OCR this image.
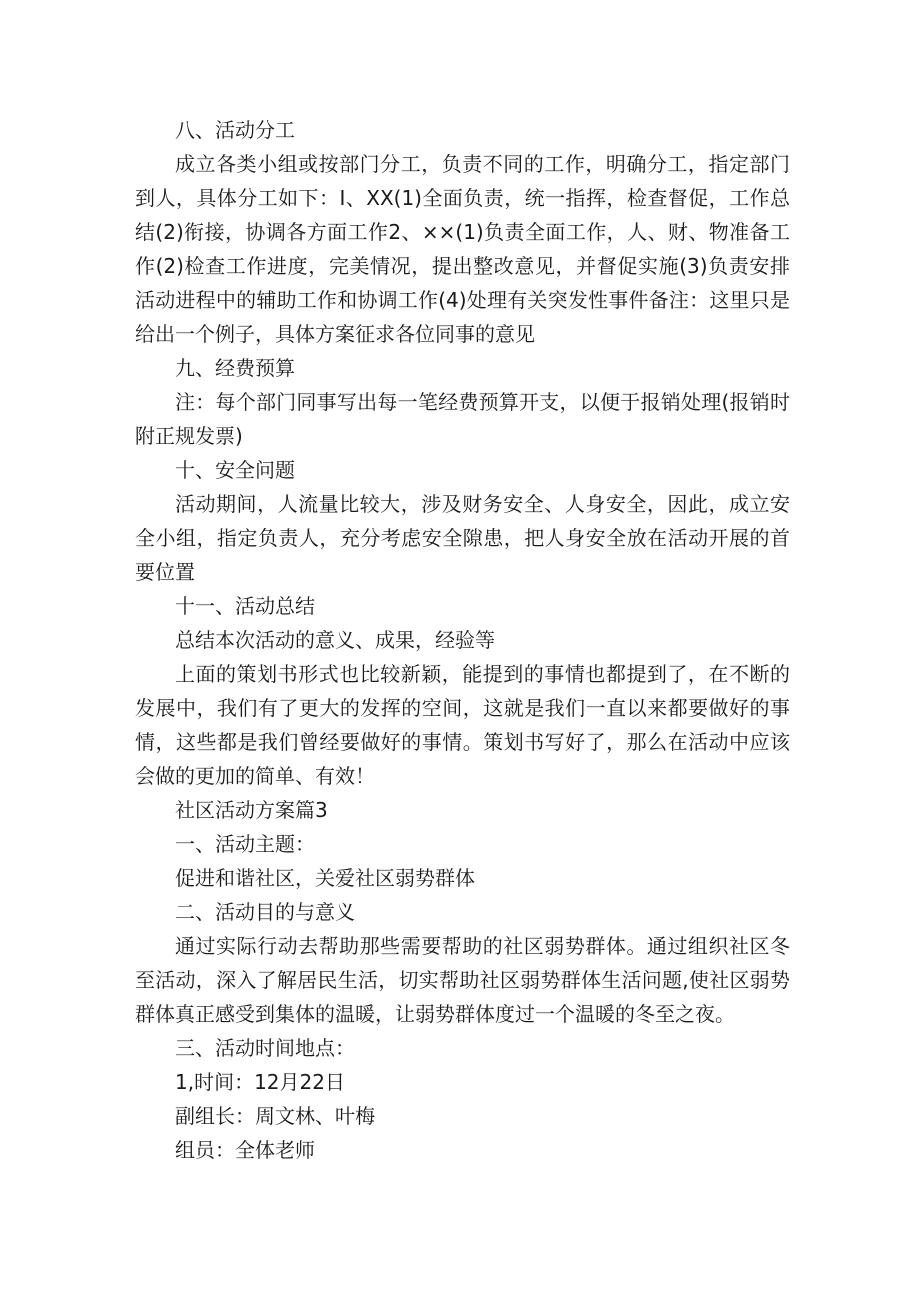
八、活动分工

成立各类小组或按部门分工，负责不同的工作，明确分工，指定部门到人，具体分工如下：I、XX(1)全面负责，统一指挥，检查督促，工作总结(2)衔接，协调各方面工作2、××(1)负责全面工作，人、财、物准备工作(2)检查工作进度，完美情况，提出整改意见，并督促实施(3)负责安排活动进程中的辅助工作和协调工作(4)处理有关突发性事件备注：这里只是给出一个例子，具体方案征求各位同事的意见

九、经费预算

注：每个部门同事写出每一笔经费预算开支，以便于报销处理(报销时附正规发票)

十、安全问题

活动期间，人流量比较大，涉及财务安全、人身安全，因此，成立安全小组，指定负责人，充分考虑安全隙患，把人身安全放在活动开展的首要位置

十一、活动总结

总结本次活动的意义、成果，经验等

上面的策划书形式也比较新颖，能提到的事情也都提到了，在不断的发展中，我们有了更大的发挥的空间，这就是我们一直以来都要做好的事情，这些都是我们曾经要做好的事情。策划书写好了，那么在活动中应该会做的更加的简单、有效！

社区活动方案篇3

一、活动主题：

促进和谐社区，关爱社区弱势群体

二、活动目的与意义

通过实际行动去帮助那些需要帮助的社区弱势群体。通过组织社区冬至活动，深入了解居民生活，切实帮助社区弱势群体生活问题,使社区弱势群体真正感受到集体的温暖，让弱势群体度过一个温暖的冬至之夜。

三、活动时间地点：

1,时间：12月22日

副组长：周文林、叶梅

组员：全体老师
